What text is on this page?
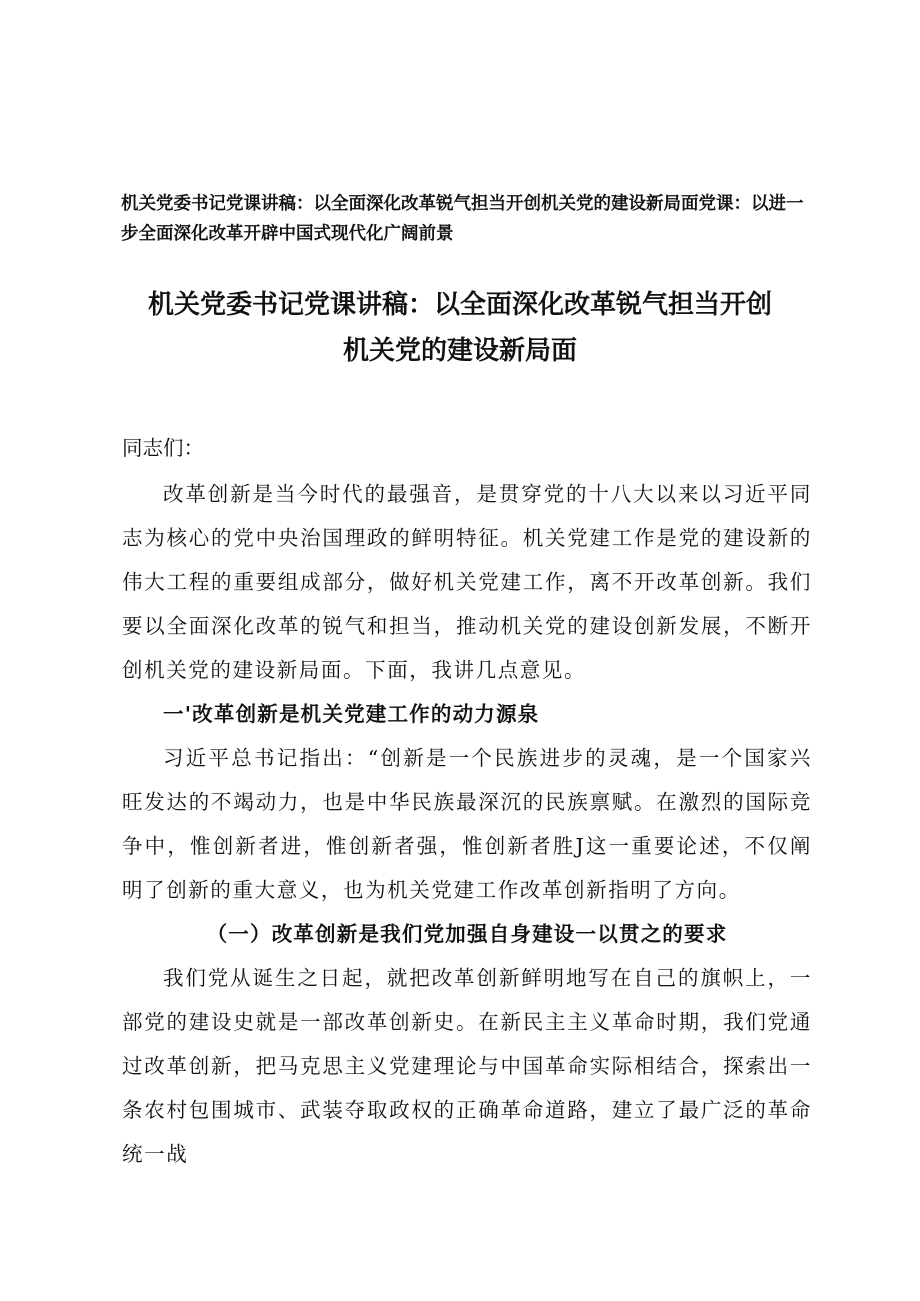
机关党委书记党课讲稿：以全面深化改革锐气担当开创机关党的建设新局面党课：以进一步全面深化改革开辟中国式现代化广阔前景
机关党委书记党课讲稿：以全面深化改革锐气担当开创
机关党的建设新局面

同志们：

改革创新是当今时代的最强音，是贯穿党的十八大以来以习近平同志为核心的党中央治国理政的鲜明特征。机关党建工作是党的建设新的伟大工程的重要组成部分，做好机关党建工作，离不开改革创新。我们要以全面深化改革的锐气和担当，推动机关党的建设创新发展，不断开创机关党的建设新局面。下面，我讲几点意见。

一'改革创新是机关党建工作的动力源泉

习近平总书记指出：“创新是一个民族进步的灵魂，是一个国家兴旺发达的不竭动力，也是中华民族最深沉的民族禀赋。在激烈的国际竞争中，惟创新者进，惟创新者强，惟创新者胜J这一重要论述，不仅阐明了创新的重大意义，也为机关党建工作改革创新指明了方向。

（一）改革创新是我们党加强自身建设一以贯之的要求

我们党从诞生之日起，就把改革创新鲜明地写在自己的旗帜上，一部党的建设史就是一部改革创新史。在新民主主义革命时期，我们党通过改革创新，把马克思主义党建理论与中国革命实际相结合，探索出一条农村包围城市、武装夺取政权的正确革命道路，建立了最广泛的革命统一战
